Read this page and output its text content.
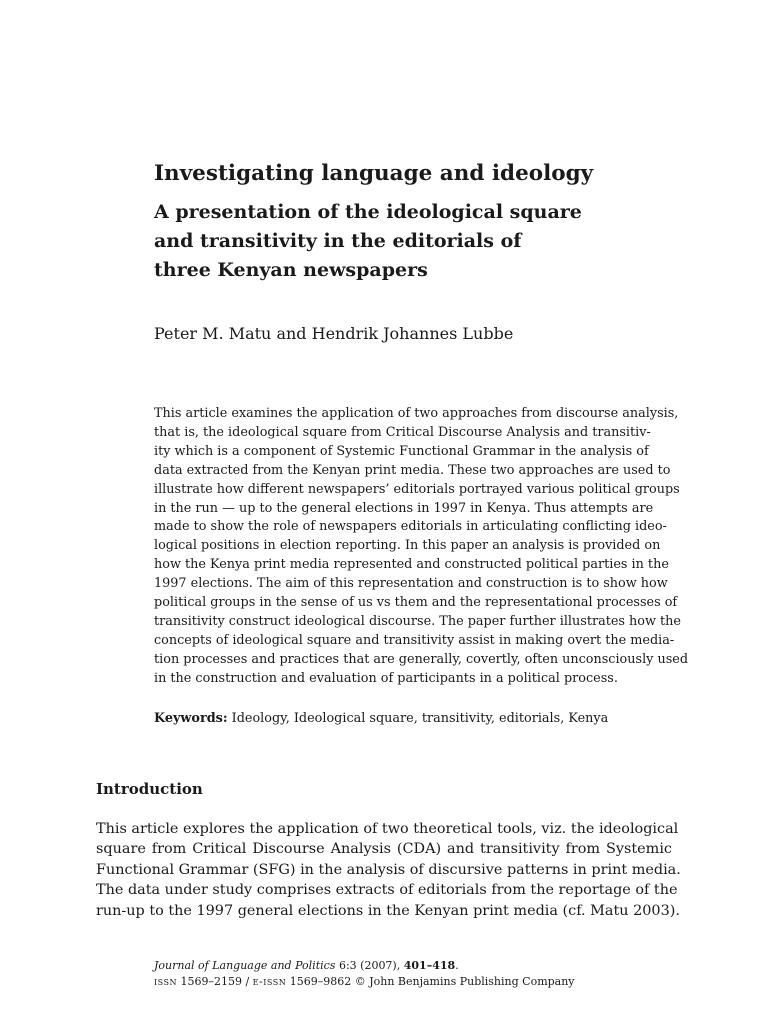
Investigating language and ideology
A presentation of the ideological square
and transitivity in the editorials of
three Kenyan newspapers

Peter M. Matu and Hendrik Johannes Lubbe

This article examines the application of two approaches from discourse analysis,
that is, the ideological square from Critical Discourse Analysis and transitiv-
ity which is a component of Systemic Functional Grammar in the analysis of
data extracted from the Kenyan print media. These two approaches are used to
illustrate how different newspapers’ editorials portrayed various political groups
in the run — up to the general elections in 1997 in Kenya. Thus attempts are
made to show the role of newspapers editorials in articulating conflicting ideo-
logical positions in election reporting. In this paper an analysis is provided on
how the Kenya print media represented and constructed political parties in the
1997 elections. The aim of this representation and construction is to show how
political groups in the sense of us vs them and the representational processes of
transitivity construct ideological discourse. The paper further illustrates how the
concepts of ideological square and transitivity assist in making overt the media-
tion processes and practices that are generally, covertly, often unconsciously used
in the construction and evaluation of participants in a political process.

Keywords: Ideology, Ideological square, transitivity, editorials, Kenya

Introduction
This article explores the application of two theoretical tools, viz. the ideological
square from Critical Discourse Analysis (CDA) and transitivity from Systemic
Functional Grammar (SFG) in the analysis of discursive patterns in print media.
The data under study comprises extracts of editorials from the reportage of the
run-up to the 1997 general elections in the Kenyan print media (cf. Matu 2003).
Journal of Language and Politics 6:3 (2007), 401–418.
issn 1569–2159 / e-issn 1569–9862 © John Benjamins Publishing Company
